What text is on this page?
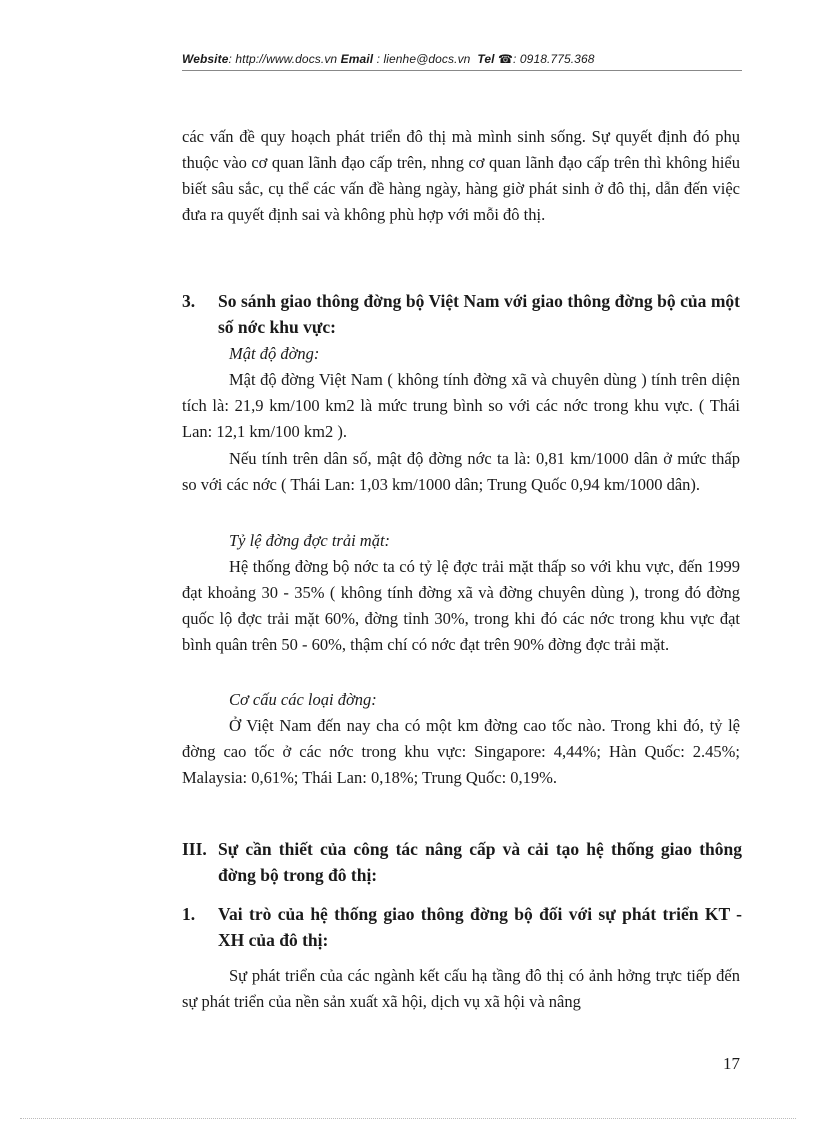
Website: http://www.docs.vn Email : lienhe@docs.vn Tel ☎: 0918.775.368

các vấn đề quy hoạch phát triển đô thị mà mình sinh sống. Sự quyết định đó phụ thuộc vào cơ quan lãnh đạo cấp trên, nhng cơ quan lãnh đạo cấp trên thì không hiểu biết sâu sắc, cụ thể các vấn đề hàng ngày, hàng giờ phát sinh ở đô thị, dẫn đến việc đưa ra quyết định sai và không phù hợp với mỗi đô thị.

3. So sánh giao thông đờng bộ Việt Nam với giao thông đờng bộ của một số nớc khu vực:

Mật độ đờng:

Mật độ đờng Việt Nam ( không tính đờng xã và chuyên dùng ) tính trên diện tích là: 21,9 km/100 km2 là mức trung bình so với các nớc trong khu vực. ( Thái Lan: 12,1 km/100 km2 ).

Nếu tính trên dân số, mật độ đờng nớc ta là: 0,81 km/1000 dân ở mức thấp so với các nớc ( Thái Lan: 1,03 km/1000 dân; Trung Quốc 0,94 km/1000 dân).

Tỷ lệ đờng đợc trải mặt:

Hệ thống đờng bộ nớc ta có tỷ lệ đợc trải mặt thấp so với khu vực, đến 1999 đạt khoảng 30 - 35% ( không tính đờng xã và đờng chuyên dùng ), trong đó đờng quốc lộ đợc trải mặt 60%, đờng tỉnh 30%, trong khi đó các nớc trong khu vực đạt bình quân trên 50 - 60%, thậm chí có nớc đạt trên 90% đờng đợc trải mặt.

Cơ cấu các loại đờng:

Ở Việt Nam đến nay cha có một km đờng cao tốc nào. Trong khi đó, tỷ lệ đờng cao tốc ở các nớc trong khu vực: Singapore: 4,44%; Hàn Quốc: 2.45%; Malaysia: 0,61%; Thái Lan: 0,18%; Trung Quốc: 0,19%.

III. Sự cần thiết của công tác nâng cấp và cải tạo hệ thống giao thông đờng bộ trong đô thị:

1. Vai trò của hệ thống giao thông đờng bộ đối với sự phát triển KT - XH của đô thị:

Sự phát triển của các ngành kết cấu hạ tầng đô thị có ảnh hởng trực tiếp đến sự phát triển của nền sản xuất xã hội, dịch vụ xã hội và nâng

17
